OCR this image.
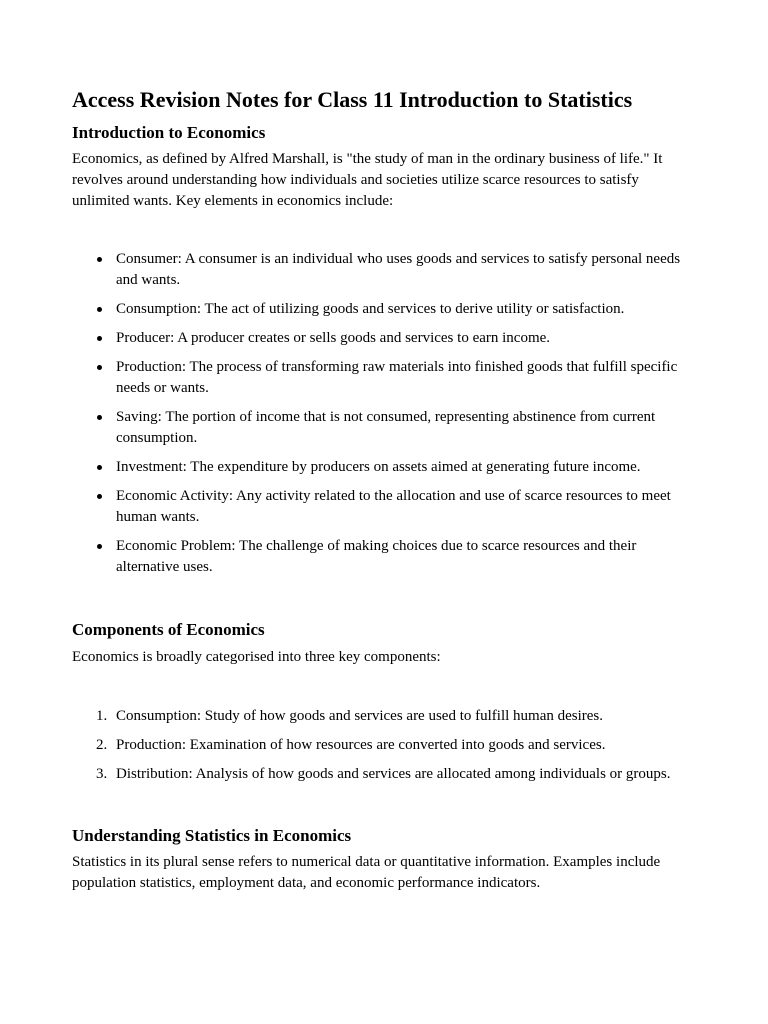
Access Revision Notes for Class 11 Introduction to Statistics
Introduction to Economics

Economics, as defined by Alfred Marshall, is "the study of man in the ordinary business of life." It revolves around understanding how individuals and societies utilize scarce resources to satisfy unlimited wants. Key elements in economics include:

Consumer: A consumer is an individual who uses goods and services to satisfy personal needs and wants.
Consumption: The act of utilizing goods and services to derive utility or satisfaction.
Producer: A producer creates or sells goods and services to earn income.
Production: The process of transforming raw materials into finished goods that fulfill specific needs or wants.
Saving: The portion of income that is not consumed, representing abstinence from current consumption.
Investment: The expenditure by producers on assets aimed at generating future income.
Economic Activity: Any activity related to the allocation and use of scarce resources to meet human wants.
Economic Problem: The challenge of making choices due to scarce resources and their alternative uses.
Components of Economics

Economics is broadly categorised into three key components:

1. Consumption: Study of how goods and services are used to fulfill human desires.
2. Production: Examination of how resources are converted into goods and services.
3. Distribution: Analysis of how goods and services are allocated among individuals or groups.
Understanding Statistics in Economics

Statistics in its plural sense refers to numerical data or quantitative information. Examples include population statistics, employment data, and economic performance indicators.
